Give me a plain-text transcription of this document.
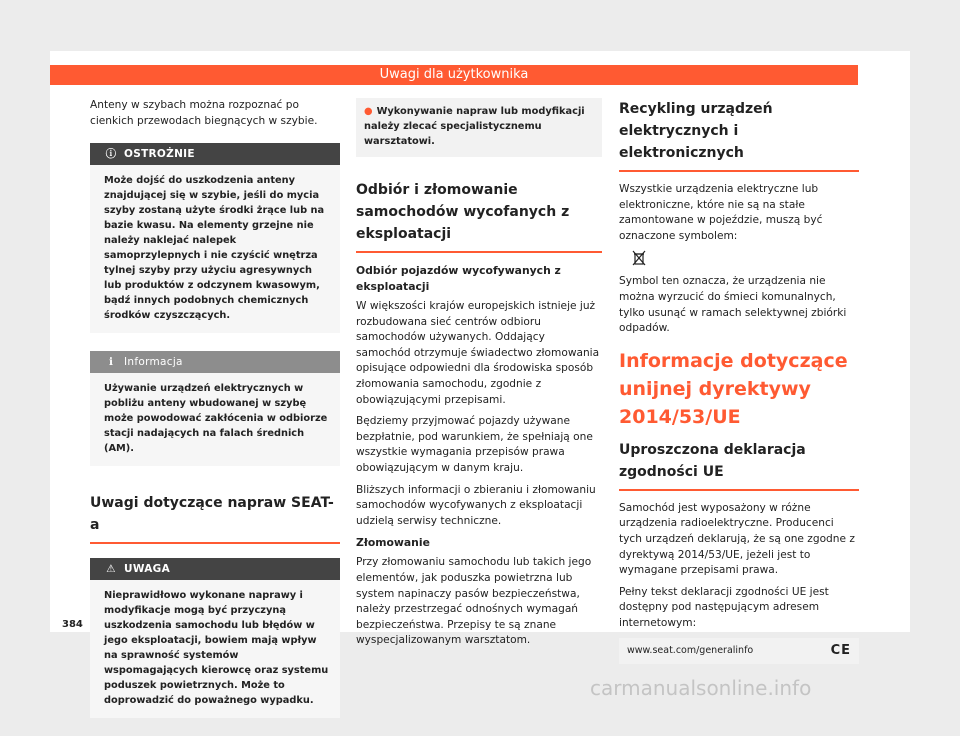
Uwagi dla użytkownika

Anteny w szybach można rozpoznać po cienkich przewodach biegnących w szybie.

ⓘ OSTROŻNIE
Może dojść do uszkodzenia anteny znajdującej się w szybie, jeśli do mycia szyby zostaną użyte środki żrące lub na bazie kwasu. Na elementy grzejne nie należy naklejać nalepek samoprzylepnych i nie czyścić wnętrza tylnej szyby przy użyciu agresywnych lub produktów z odczynem kwasowym, bądź innych podobnych chemicznych środków czyszczących.
ℹ Informacja
Używanie urządzeń elektrycznych w pobliżu anteny wbudowanej w szybę może powodować zakłócenia w odbiorze stacji nadających na falach średnich (AM).
Uwagi dotyczące napraw SEAT-a
⚠ UWAGA
Nieprawidłowo wykonane naprawy i modyfikacje mogą być przyczyną uszkodzenia samochodu lub błędów w jego eksploatacji, bowiem mają wpływ na sprawność systemów wspomagających kierowcę oraz systemu poduszek powietrznych. Może to doprowadzić do poważnego wypadku.
● Wykonywanie napraw lub modyfikacji należy zlecać specjalistycznemu warsztatowi.
Odbiór i złomowanie samochodów wycofanych z eksploatacji
Odbiór pojazdów wycofywanych z eksploatacji

W większości krajów europejskich istnieje już rozbudowana sieć centrów odbioru samochodów używanych. Oddający samochód otrzymuje świadectwo złomowania opisujące odpowiedni dla środowiska sposób złomowania samochodu, zgodnie z obowiązującymi przepisami.

Będziemy przyjmować pojazdy używane bezpłatnie, pod warunkiem, że spełniają one wszystkie wymagania przepisów prawa obowiązującym w danym kraju.

Bliższych informacji o zbieraniu i złomowaniu samochodów wycofywanych z eksploatacji udzielą serwisy techniczne.

Złomowanie

Przy złomowaniu samochodu lub takich jego elementów, jak poduszka powietrzna lub system napinaczy pasów bezpieczeństwa, należy przestrzegać odnośnych wymagań bezpieczeństwa. Przepisy te są znane wyspecjalizowanym warsztatom.

Recykling urządzeń elektrycznych i elektronicznych

Wszystkie urządzenia elektryczne lub elektroniczne, które nie są na stałe zamontowane w pojeździe, muszą być oznaczone symbolem:

Symbol ten oznacza, że urządzenia nie można wyrzucić do śmieci komunalnych, tylko usunąć w ramach selektywnej zbiórki odpadów.

Informacje dotyczące unijnej dyrektywy 2014/53/UE
Uproszczona deklaracja zgodności UE

Samochód jest wyposażony w różne urządzenia radioelektryczne. Producenci tych urządzeń deklarują, że są one zgodne z dyrektywą 2014/53/UE, jeżeli jest to wymagane przepisami prawa.

Pełny tekst deklaracji zgodności UE jest dostępny pod następującym adresem internetowym:

www.seat.com/generalinfo	CE
384
carmanualsonline.info
